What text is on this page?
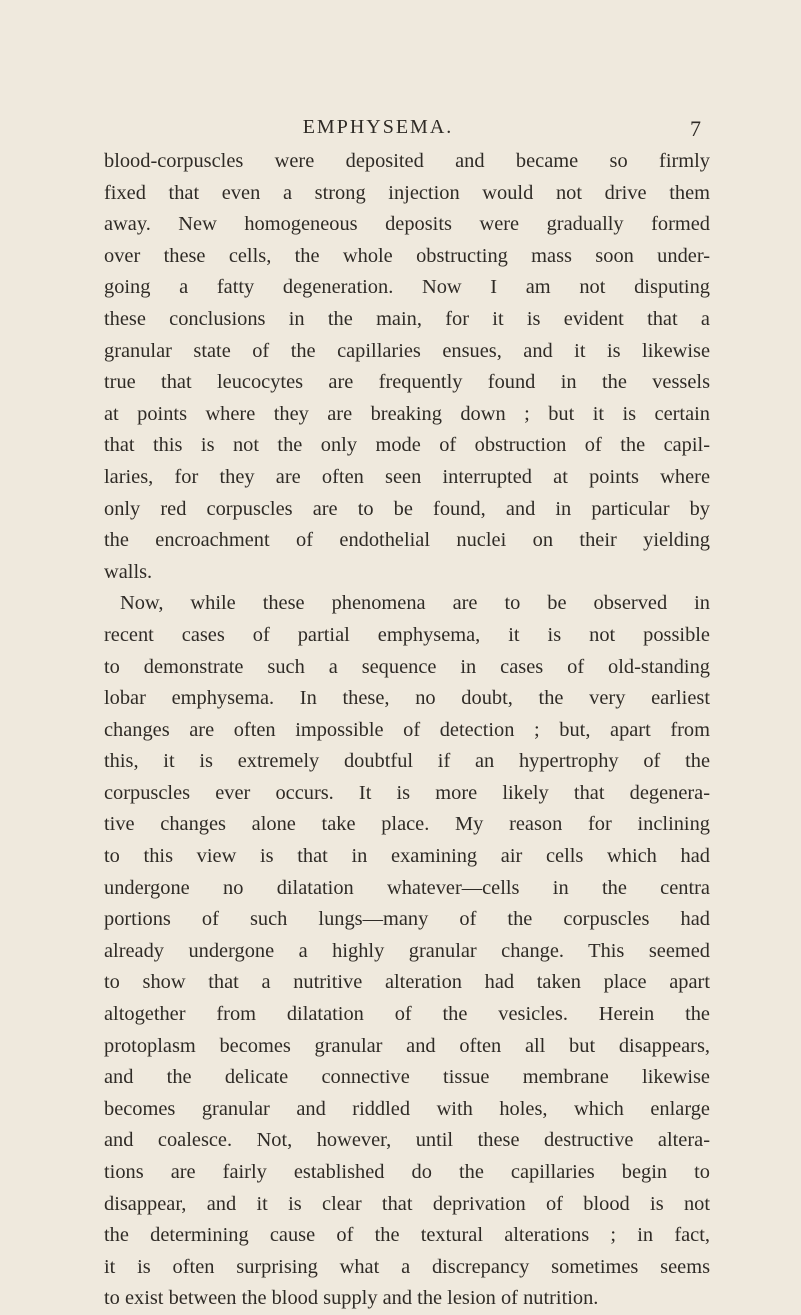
EMPHYSEMA.	7
blood-corpuscles were deposited and became so firmly
fixed that even a strong injection would not drive them
away. New homogeneous deposits were gradually formed
over these cells, the whole obstructing mass soon under-
going a fatty degeneration. Now I am not disputing
these conclusions in the main, for it is evident that a
granular state of the capillaries ensues, and it is likewise
true that leucocytes are frequently found in the vessels
at points where they are breaking down ; but it is certain
that this is not the only mode of obstruction of the capil-
laries, for they are often seen interrupted at points where
only red corpuscles are to be found, and in particular by
the encroachment of endothelial nuclei on their yielding
walls.
Now, while these phenomena are to be observed in
recent cases of partial emphysema, it is not possible
to demonstrate such a sequence in cases of old-standing
lobar emphysema. In these, no doubt, the very earliest
changes are often impossible of detection ; but, apart from
this, it is extremely doubtful if an hypertrophy of the
corpuscles ever occurs. It is more likely that degenera-
tive changes alone take place. My reason for inclining
to this view is that in examining air cells which had
undergone no dilatation whatever—cells in the centra
portions of such lungs—many of the corpuscles had
already undergone a highly granular change. This seemed
to show that a nutritive alteration had taken place apart
altogether from dilatation of the vesicles. Herein the
protoplasm becomes granular and often all but disappears,
and the delicate connective tissue membrane likewise
becomes granular and riddled with holes, which enlarge
and coalesce. Not, however, until these destructive altera-
tions are fairly established do the capillaries begin to
disappear, and it is clear that deprivation of blood is not
the determining cause of the textural alterations ; in fact,
it is often surprising what a discrepancy sometimes seems
to exist between the blood supply and the lesion of nutrition.
